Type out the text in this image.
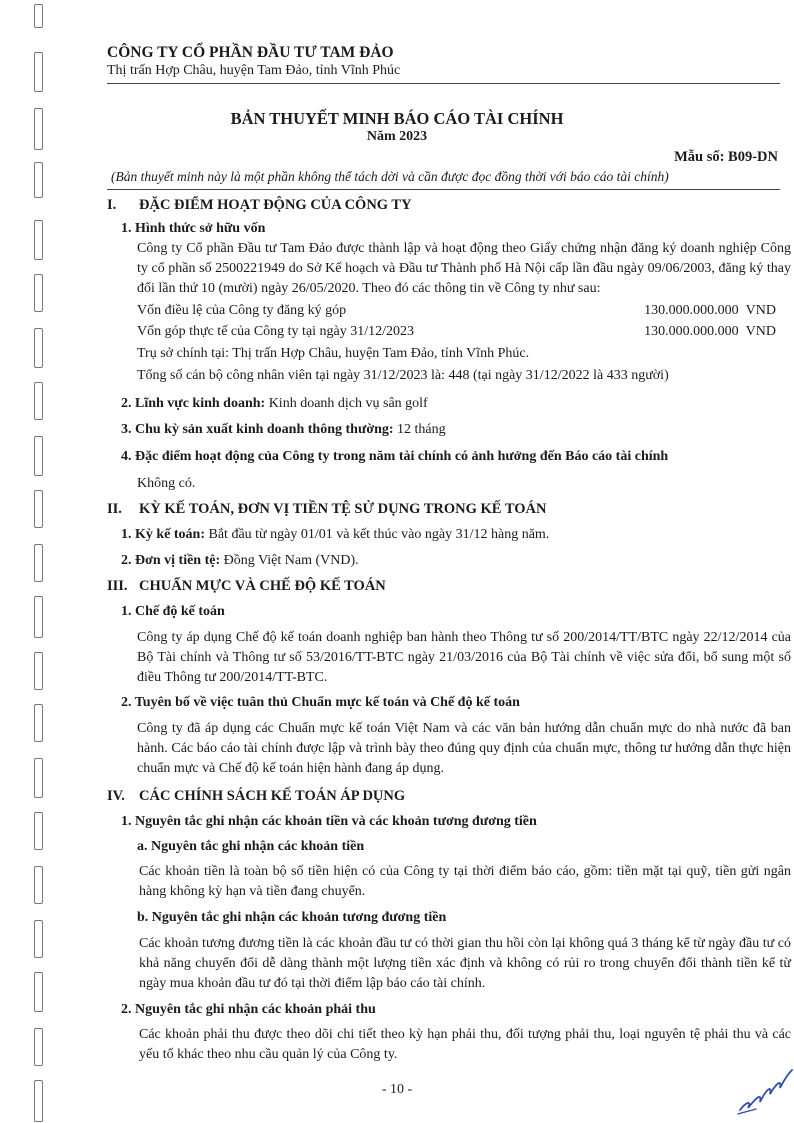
CÔNG TY CỔ PHẦN ĐẦU TƯ TAM ĐẢO
Thị trấn Hợp Châu, huyện Tam Đảo, tỉnh Vĩnh Phúc
BẢN THUYẾT MINH BÁO CÁO TÀI CHÍNH
Năm 2023
Mẫu số: B09-DN
(Bản thuyết minh này là một phần không thể tách dời và cần được đọc đồng thời với báo cáo tài chính)
I. ĐẶC ĐIỂM HOẠT ĐỘNG CỦA CÔNG TY
1. Hình thức sở hữu vốn
Công ty Cổ phần Đầu tư Tam Đảo được thành lập và hoạt động theo Giấy chứng nhận đăng ký doanh nghiệp Công ty cổ phần số 2500221949 do Sở Kế hoạch và Đầu tư Thành phố Hà Nội cấp lần đầu ngày 09/06/2003, đăng ký thay đổi lần thứ 10 (mười) ngày 26/05/2020. Theo đó các thông tin về Công ty như sau:
Vốn điều lệ của Công ty đăng ký góp	130.000.000.000 VND
Vốn góp thực tế của Công ty tại ngày 31/12/2023	130.000.000.000 VND
Trụ sở chính tại: Thị trấn Hợp Châu, huyện Tam Đảo, tỉnh Vĩnh Phúc.
Tổng số cán bộ công nhân viên tại ngày 31/12/2023 là: 448 (tại ngày 31/12/2022 là 433 người)
2. Lĩnh vực kinh doanh: Kinh doanh dịch vụ sân golf
3. Chu kỳ sản xuất kinh doanh thông thường: 12 tháng
4. Đặc điểm hoạt động của Công ty trong năm tài chính có ảnh hưởng đến Báo cáo tài chính
Không có.
II. KỲ KẾ TOÁN, ĐƠN VỊ TIỀN TỆ SỬ DỤNG TRONG KẾ TOÁN
1. Kỳ kế toán: Bắt đầu từ ngày 01/01 và kết thúc vào ngày 31/12 hàng năm.
2. Đơn vị tiền tệ: Đồng Việt Nam (VND).
III. CHUẨN MỰC VÀ CHẾ ĐỘ KẾ TOÁN
1. Chế độ kế toán
Công ty áp dụng Chế độ kế toán doanh nghiệp ban hành theo Thông tư số 200/2014/TT/BTC ngày 22/12/2014 của Bộ Tài chính và Thông tư số 53/2016/TT-BTC ngày 21/03/2016 của Bộ Tài chính về việc sửa đổi, bổ sung một số điều Thông tư 200/2014/TT-BTC.
2. Tuyên bố về việc tuân thủ Chuẩn mực kế toán và Chế độ kế toán
Công ty đã áp dụng các Chuẩn mực kế toán Việt Nam và các văn bản hướng dẫn chuẩn mực do nhà nước đã ban hành. Các báo cáo tài chính được lập và trình bày theo đúng quy định của chuẩn mực, thông tư hướng dẫn thực hiện chuẩn mực và Chế độ kế toán hiện hành đang áp dụng.
IV. CÁC CHÍNH SÁCH KẾ TOÁN ÁP DỤNG
1. Nguyên tắc ghi nhận các khoản tiền và các khoản tương đương tiền
a. Nguyên tắc ghi nhận các khoản tiền
Các khoản tiền là toàn bộ số tiền hiện có của Công ty tại thời điểm báo cáo, gồm: tiền mặt tại quỹ, tiền gửi ngân hàng không kỳ hạn và tiền đang chuyển.
b. Nguyên tắc ghi nhận các khoản tương đương tiền
Các khoản tương đương tiền là các khoản đầu tư có thời gian thu hồi còn lại không quá 3 tháng kể từ ngày đầu tư có khả năng chuyển đổi dễ dàng thành một lượng tiền xác định và không có rủi ro trong chuyển đổi thành tiền kể từ ngày mua khoản đầu tư đó tại thời điểm lập báo cáo tài chính.
2. Nguyên tắc ghi nhận các khoản phải thu
Các khoản phải thu được theo dõi chi tiết theo kỳ hạn phải thu, đối tượng phải thu, loại nguyên tệ phải thu và các yếu tố khác theo nhu cầu quản lý của Công ty.
- 10 -
